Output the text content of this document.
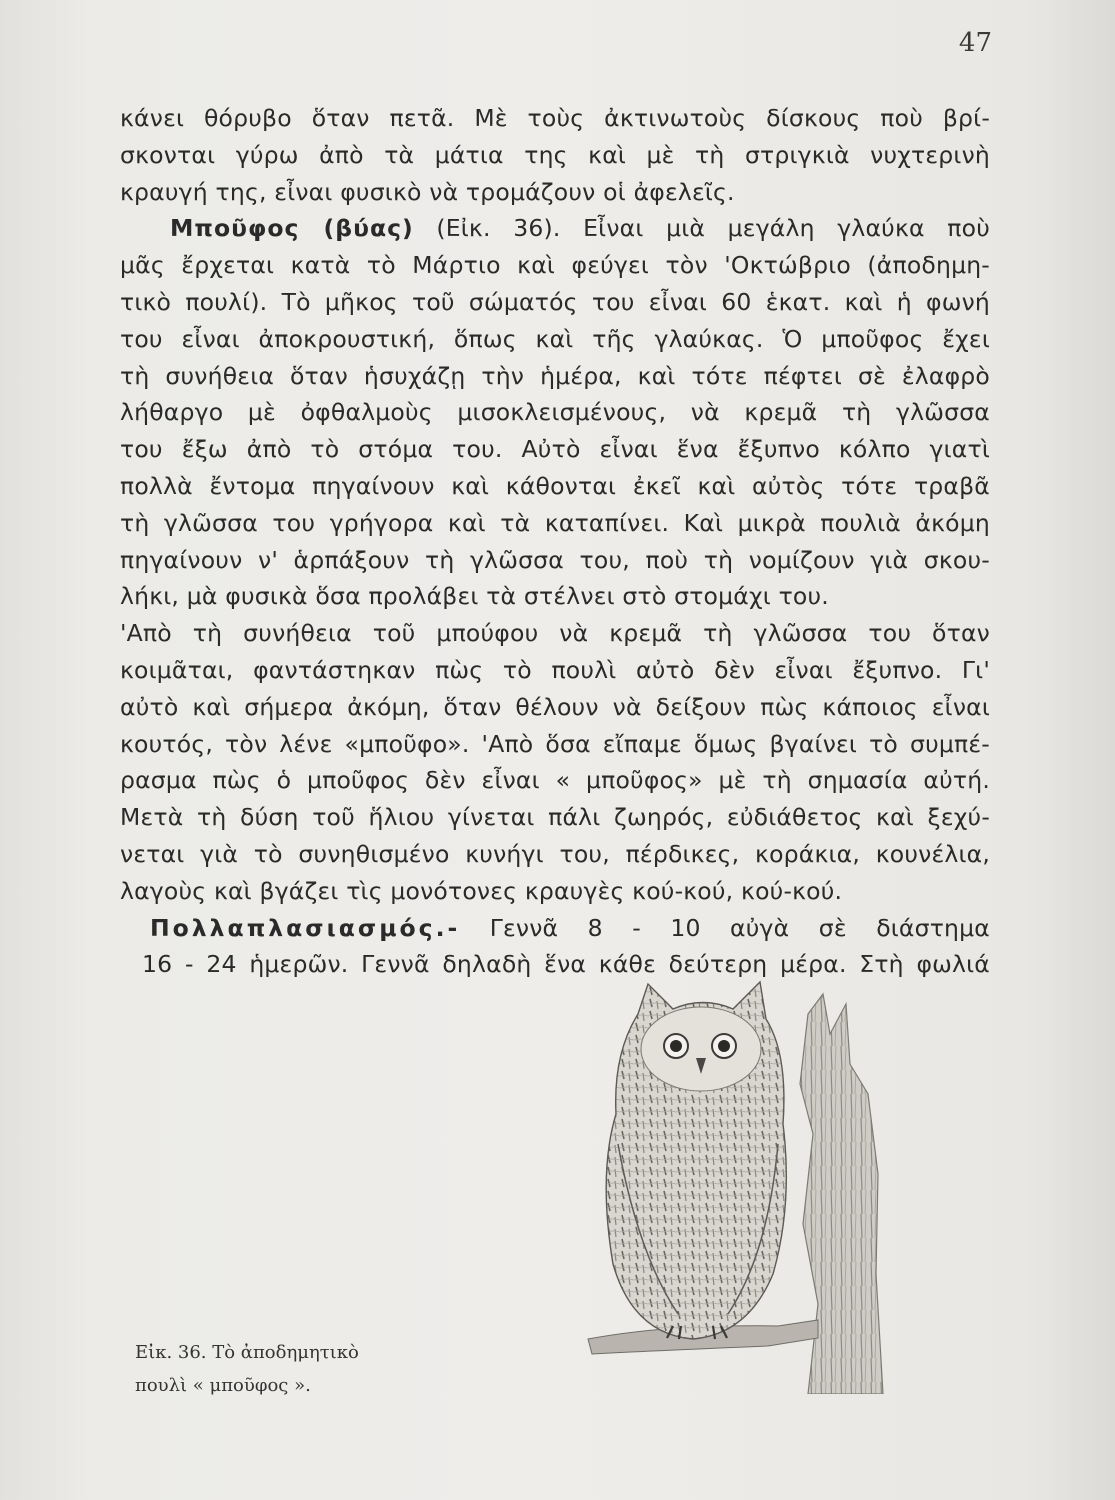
47
κάνει θόρυβο ὅταν πετᾶ. Μὲ τοὺς ἀκτινωτοὺς δίσκους ποὺ βρί-
σκονται γύρω ἀπὸ τὰ μάτια της καὶ μὲ τὴ στριγκιὰ νυχτερινὴ
κραυγή της, εἶναι φυσικὸ νὰ τρομάζουν οἱ ἀφελεῖς.
Μποῦφος (βύας) (Εἰκ. 36). Εἶναι μιὰ μεγάλη γλαύκα ποὺ
μᾶς ἔρχεται κατὰ τὸ Μάρτιο καὶ φεύγει τὸν 'Οκτώβριο (ἀποδημη-
τικὸ πουλί). Τὸ μῆκος τοῦ σώματός του εἶναι 60 ἑκατ. καὶ ἡ φωνή
του εἶναι ἀποκρουστική, ὅπως καὶ τῆς γλαύκας. Ὁ μποῦφος ἔχει
τὴ συνήθεια ὅταν ἡσυχάζῃ τὴν ἡμέρα, καὶ τότε πέφτει σὲ ἐλαφρὸ
λήθαργο μὲ ὀφθαλμοὺς μισοκλεισμένους, νὰ κρεμᾶ τὴ γλῶσσα
του ἔξω ἀπὸ τὸ στόμα του. Αὐτὸ εἶναι ἕνα ἔξυπνο κόλπο γιατὶ
πολλὰ ἔντομα πηγαίνουν καὶ κάθονται ἐκεῖ καὶ αὐτὸς τότε τραβᾶ
τὴ γλῶσσα του γρήγορα καὶ τὰ καταπίνει. Καὶ μικρὰ πουλιὰ ἀκόμη
πηγαίνουν ν' ἁρπάξουν τὴ γλῶσσα του, ποὺ τὴ νομίζουν γιὰ σκου-
λήκι, μὰ φυσικὰ ὅσα προλάβει τὰ στέλνει στὸ στομάχι του.
'Απὸ τὴ συνήθεια τοῦ μπούφου νὰ κρεμᾶ τὴ γλῶσσα του ὅταν
κοιμᾶται, φαντάστηκαν πὼς τὸ πουλὶ αὐτὸ δὲν εἶναι ἔξυπνο. Γι'
αὐτὸ καὶ σήμερα ἀκόμη, ὅταν θέλουν νὰ δείξουν πὼς κάποιος εἶναι
κουτός, τὸν λένε «μποῦφο». 'Απὸ ὅσα εἴπαμε ὅμως βγαίνει τὸ συμπέ-
ρασμα πὼς ὁ μποῦφος δὲν εἶναι « μποῦφος» μὲ τὴ σημασία αὐτή.
Μετὰ τὴ δύση τοῦ ἥλιου γίνεται πάλι ζωηρός, εὐδιάθετος καὶ ξεχύ-
νεται γιὰ τὸ συνηθισμένο κυνήγι του, πέρδικες, κοράκια, κουνέλια,
λαγοὺς καὶ βγάζει τὶς μονότονες κραυγὲς κού-κού, κού-κού.
Πολλαπλασιασμός.- Γεννᾶ 8 - 10 αὐγὰ σὲ διάστημα
16 - 24 ἡμερῶν. Γεννᾶ δηλαδὴ ἕνα κάθε δεύτερη μέρα. Στὴ φωλιά
Εἰκ. 36. Τὸ ἀποδημητικὸ
πουλὶ « μποῦφος ».
